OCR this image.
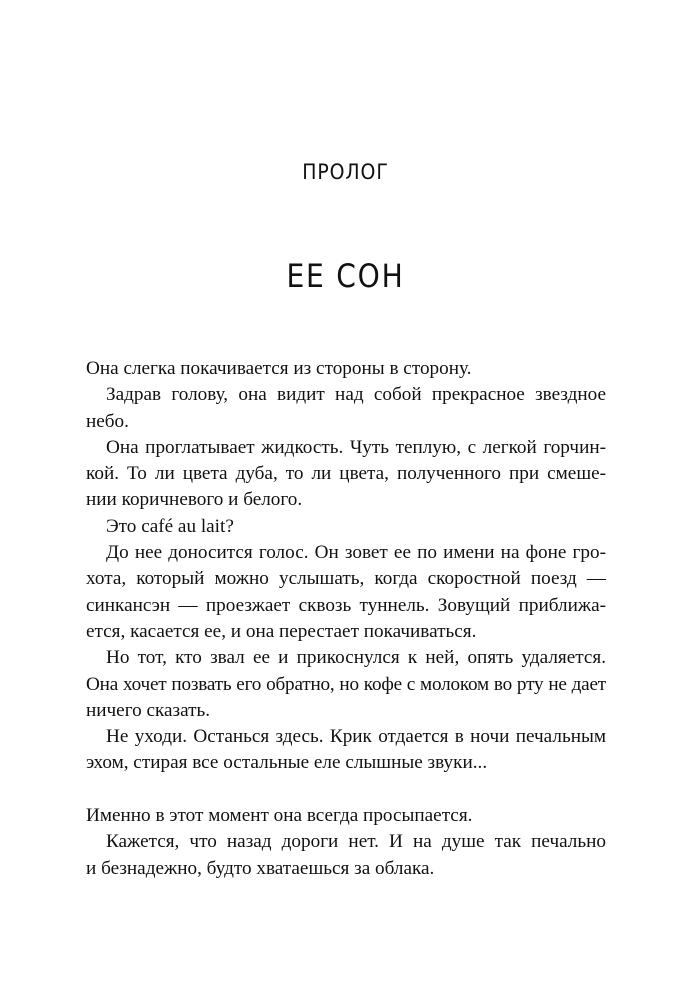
ПРОЛОГ
ЕЕ СОН
Она слегка покачивается из стороны в сторону.
Задрав голову, она видит над собой прекрасное звездное
небо.
Она проглатывает жидкость. Чуть теплую, с легкой горчин-
кой. То ли цвета дуба, то ли цвета, полученного при смеше-
нии коричневого и белого.
Это café au lait?
До нее доносится голос. Он зовет ее по имени на фоне гро-
хота, который можно услышать, когда скоростной поезд —
синкансэн — проезжает сквозь туннель. Зовущий приближа-
ется, касается ее, и она перестает покачиваться.
Но тот, кто звал ее и прикоснулся к ней, опять удаляется.
Она хочет позвать его обратно, но кофе с молоком во рту не дает
ничего сказать.
Не уходи. Останься здесь. Крик отдается в ночи печальным
эхом, стирая все остальные еле слышные звуки...
Именно в этот момент она всегда просыпается.
Кажется, что назад дороги нет. И на душе так печально
и безнадежно, будто хватаешься за облака.
